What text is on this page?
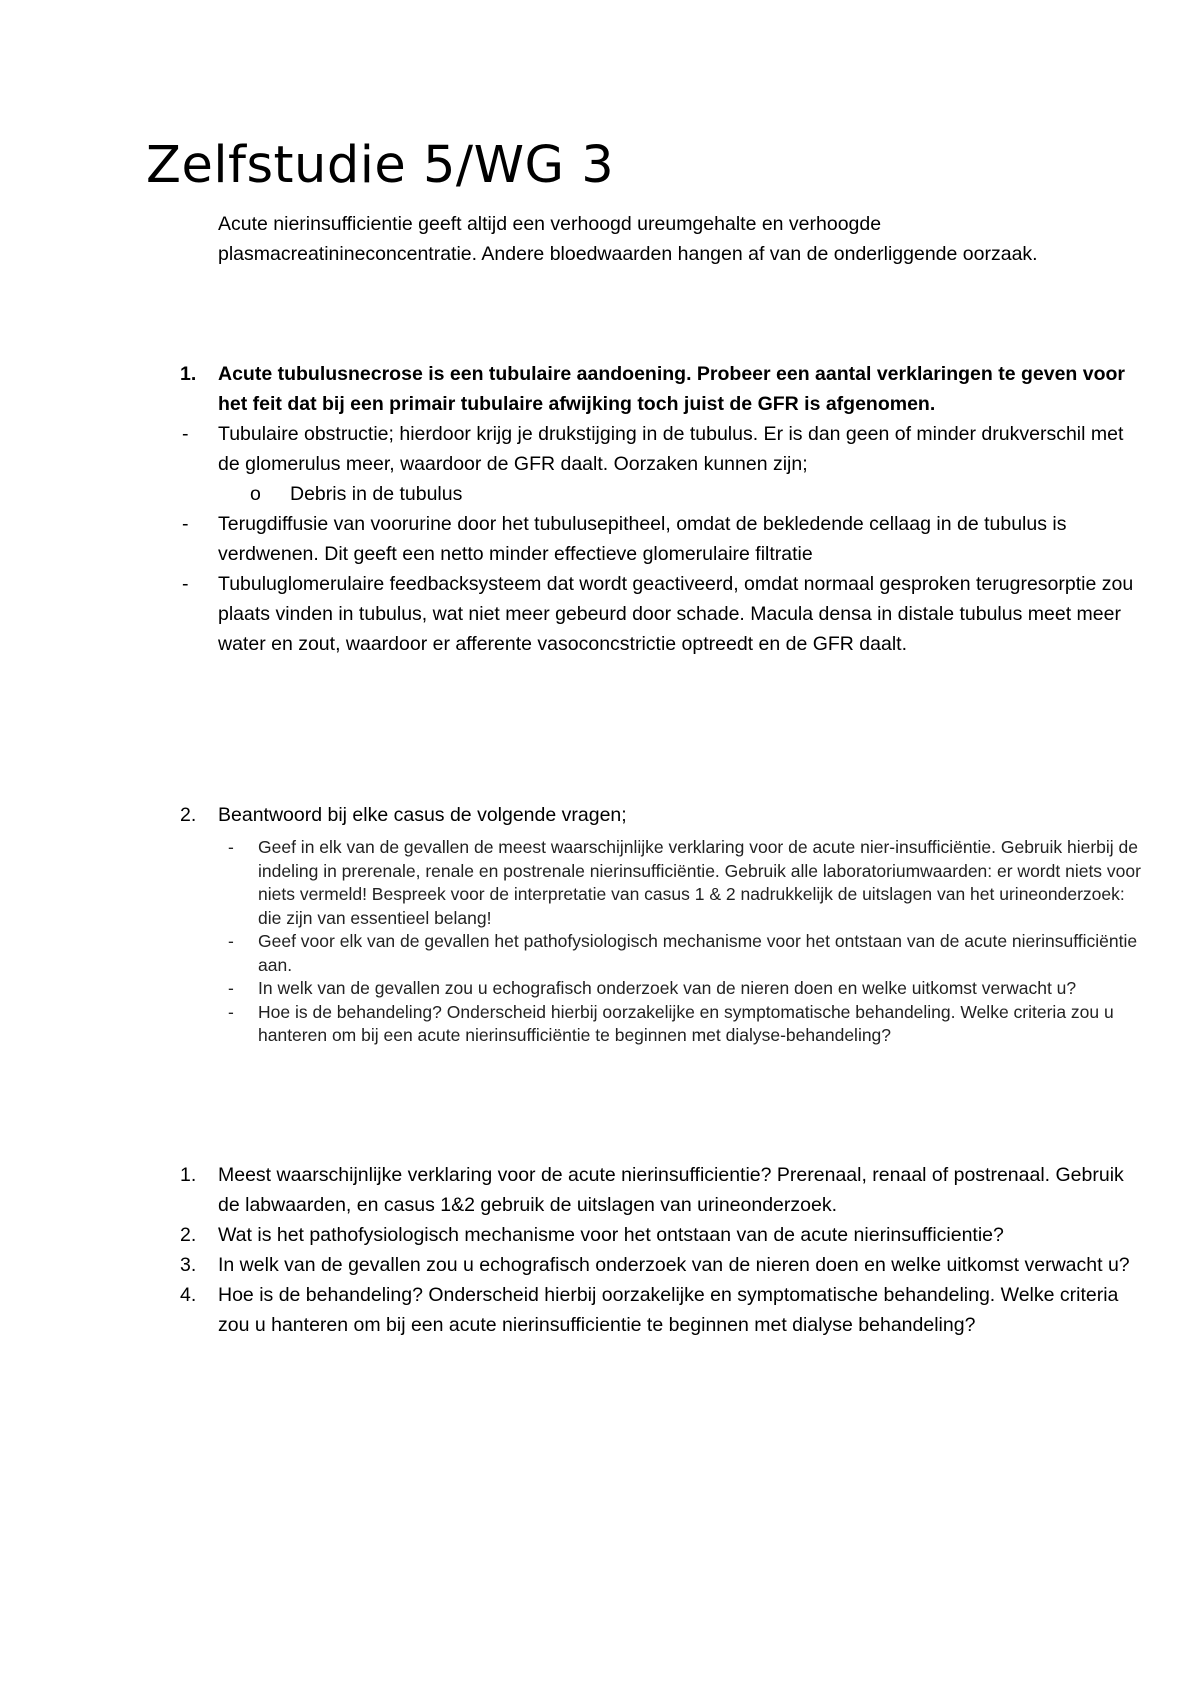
Zelfstudie 5/WG 3

Acute nierinsufficientie geeft altijd een verhoogd ureumgehalte en verhoogde plasmacreatinineconcentratie. Andere bloedwaarden hangen af van de onderliggende oorzaak.

1. Acute tubulusnecrose is een tubulaire aandoening. Probeer een aantal verklaringen te geven voor het feit dat bij een primair tubulaire afwijking toch juist de GFR is afgenomen.
- Tubulaire obstructie; hierdoor krijg je drukstijging in de tubulus. Er is dan geen of minder drukverschil met de glomerulus meer, waardoor de GFR daalt. Oorzaken kunnen zijn;
o Debris in de tubulus
- Terugdiffusie van voorurine door het tubulusepitheel, omdat de bekledende cellaag in de tubulus is verdwenen. Dit geeft een netto minder effectieve glomerulaire filtratie
- Tubuluglomerulaire feedbacksysteem dat wordt geactiveerd, omdat normaal gesproken terugresorptie zou plaats vinden in tubulus, wat niet meer gebeurd door schade. Macula densa in distale tubulus meet meer water en zout, waardoor er afferente vasoconcstrictie optreedt en de GFR daalt.
2. Beantwoord bij elke casus de volgende vragen;
- Geef in elk van de gevallen de meest waarschijnlijke verklaring voor de acute nier-insufficiëntie. Gebruik hierbij de indeling in prerenale, renale en postrenale nierinsufficiëntie. Gebruik alle laboratoriumwaarden: er wordt niets voor niets vermeld! Bespreek voor de interpretatie van casus 1 & 2 nadrukkelijk de uitslagen van het urineonderzoek: die zijn van essentieel belang!
- Geef voor elk van de gevallen het pathofysiologisch mechanisme voor het ontstaan van de acute nierinsufficiëntie aan.
- In welk van de gevallen zou u echografisch onderzoek van de nieren doen en welke uitkomst verwacht u?
- Hoe is de behandeling? Onderscheid hierbij oorzakelijke en symptomatische behandeling. Welke criteria zou u hanteren om bij een acute nierinsufficiëntie te beginnen met dialyse-behandeling?
1. Meest waarschijnlijke verklaring voor de acute nierinsufficientie? Prerenaal, renaal of postrenaal. Gebruik de labwaarden, en casus 1&2 gebruik de uitslagen van urineonderzoek.
2. Wat is het pathofysiologisch mechanisme voor het ontstaan van de acute nierinsufficientie?
3. In welk van de gevallen zou u echografisch onderzoek van de nieren doen en welke uitkomst verwacht u?
4. Hoe is de behandeling? Onderscheid hierbij oorzakelijke en symptomatische behandeling. Welke criteria zou u hanteren om bij een acute nierinsufficientie te beginnen met dialyse behandeling?
